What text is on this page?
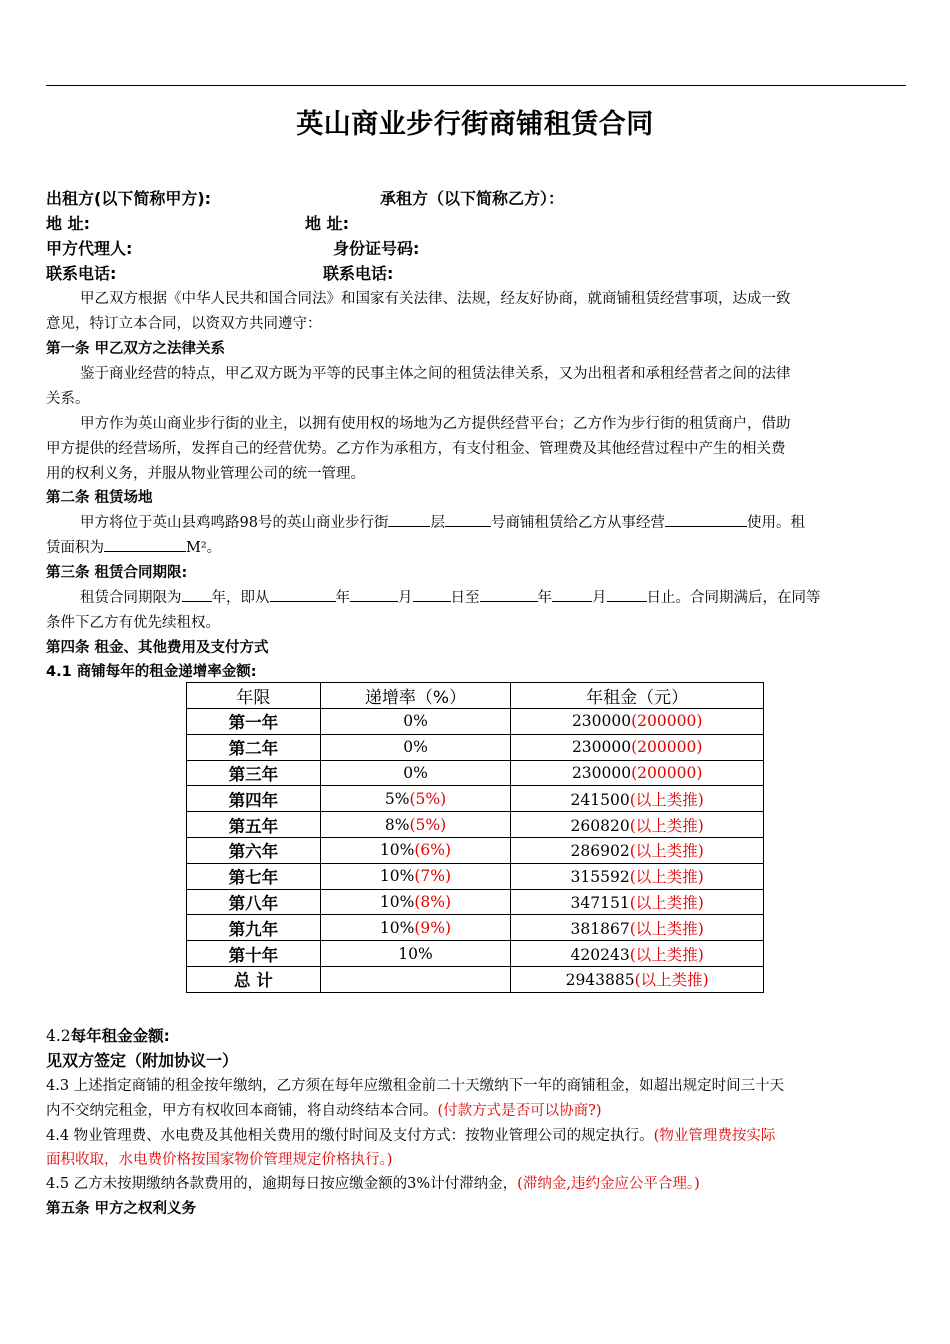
英山商业步行街商铺租赁合同
出租方(以下简称甲方):	承租方（以下简称乙方）：
地 址:	地 址:
甲方代理人:	身份证号码:
联系电话:	联系电话:
甲乙双方根据《中华人民共和国合同法》和国家有关法律、法规，经友好协商，就商铺租赁经营事项，达成一致
意见，特订立本合同，以资双方共同遵守：
第一条 甲乙双方之法律关系
鉴于商业经营的特点，甲乙双方既为平等的民事主体之间的租赁法律关系，又为出租者和承租经营者之间的法律
关系。
甲方作为英山商业步行街的业主，以拥有使用权的场地为乙方提供经营平台；乙方作为步行街的租赁商户，借助
甲方提供的经营场所，发挥自己的经营优势。乙方作为承租方，有支付租金、管理费及其他经营过程中产生的相关费
用的权利义务，并服从物业管理公司的统一管理。
第二条 租赁场地
甲方将位于英山县鸡鸣路98号的英山商业步行街	层	号商铺租赁给乙方从事经营	使用。租
赁面积为	M²。
第三条 租赁合同期限:
租赁合同期限为 年，即从	年	月	日至	年	月	日止。合同期满后，在同等
条件下乙方有优先续租权。
第四条 租金、其他费用及支付方式
4.1 商铺每年的租金递增率金额:
年限	递增率（%）	年租金（元）
第一年	0%	230000(200000)
第二年	0%	230000(200000)
第三年	0%	230000(200000)
第四年	5%(5%)	241500(以上类推)
第五年	8%(5%)	260820(以上类推)
第六年	10%(6%)	286902(以上类推)
第七年	10%(7%)	315592(以上类推)
第八年	10%(8%)	347151(以上类推)
第九年	10%(9%)	381867(以上类推)
第十年	10%	420243(以上类推)
总 计		2943885(以上类推)
4.2每年租金金额:
见双方签定（附加协议一）
4.3 上述指定商铺的租金按年缴纳，乙方须在每年应缴租金前二十天缴纳下一年的商铺租金，如超出规定时间三十天
内不交纳完租金，甲方有权收回本商铺，将自动终结本合同。(付款方式是否可以协商?)
4.4 物业管理费、水电费及其他相关费用的缴付时间及支付方式：按物业管理公司的规定执行。(物业管理费按实际
面积收取，水电费价格按国家物价管理规定价格执行。)
4.5 乙方未按期缴纳各款费用的，逾期每日按应缴金额的3%计付滞纳金，(滞纳金,违约金应公平合理。)
第五条 甲方之权利义务
